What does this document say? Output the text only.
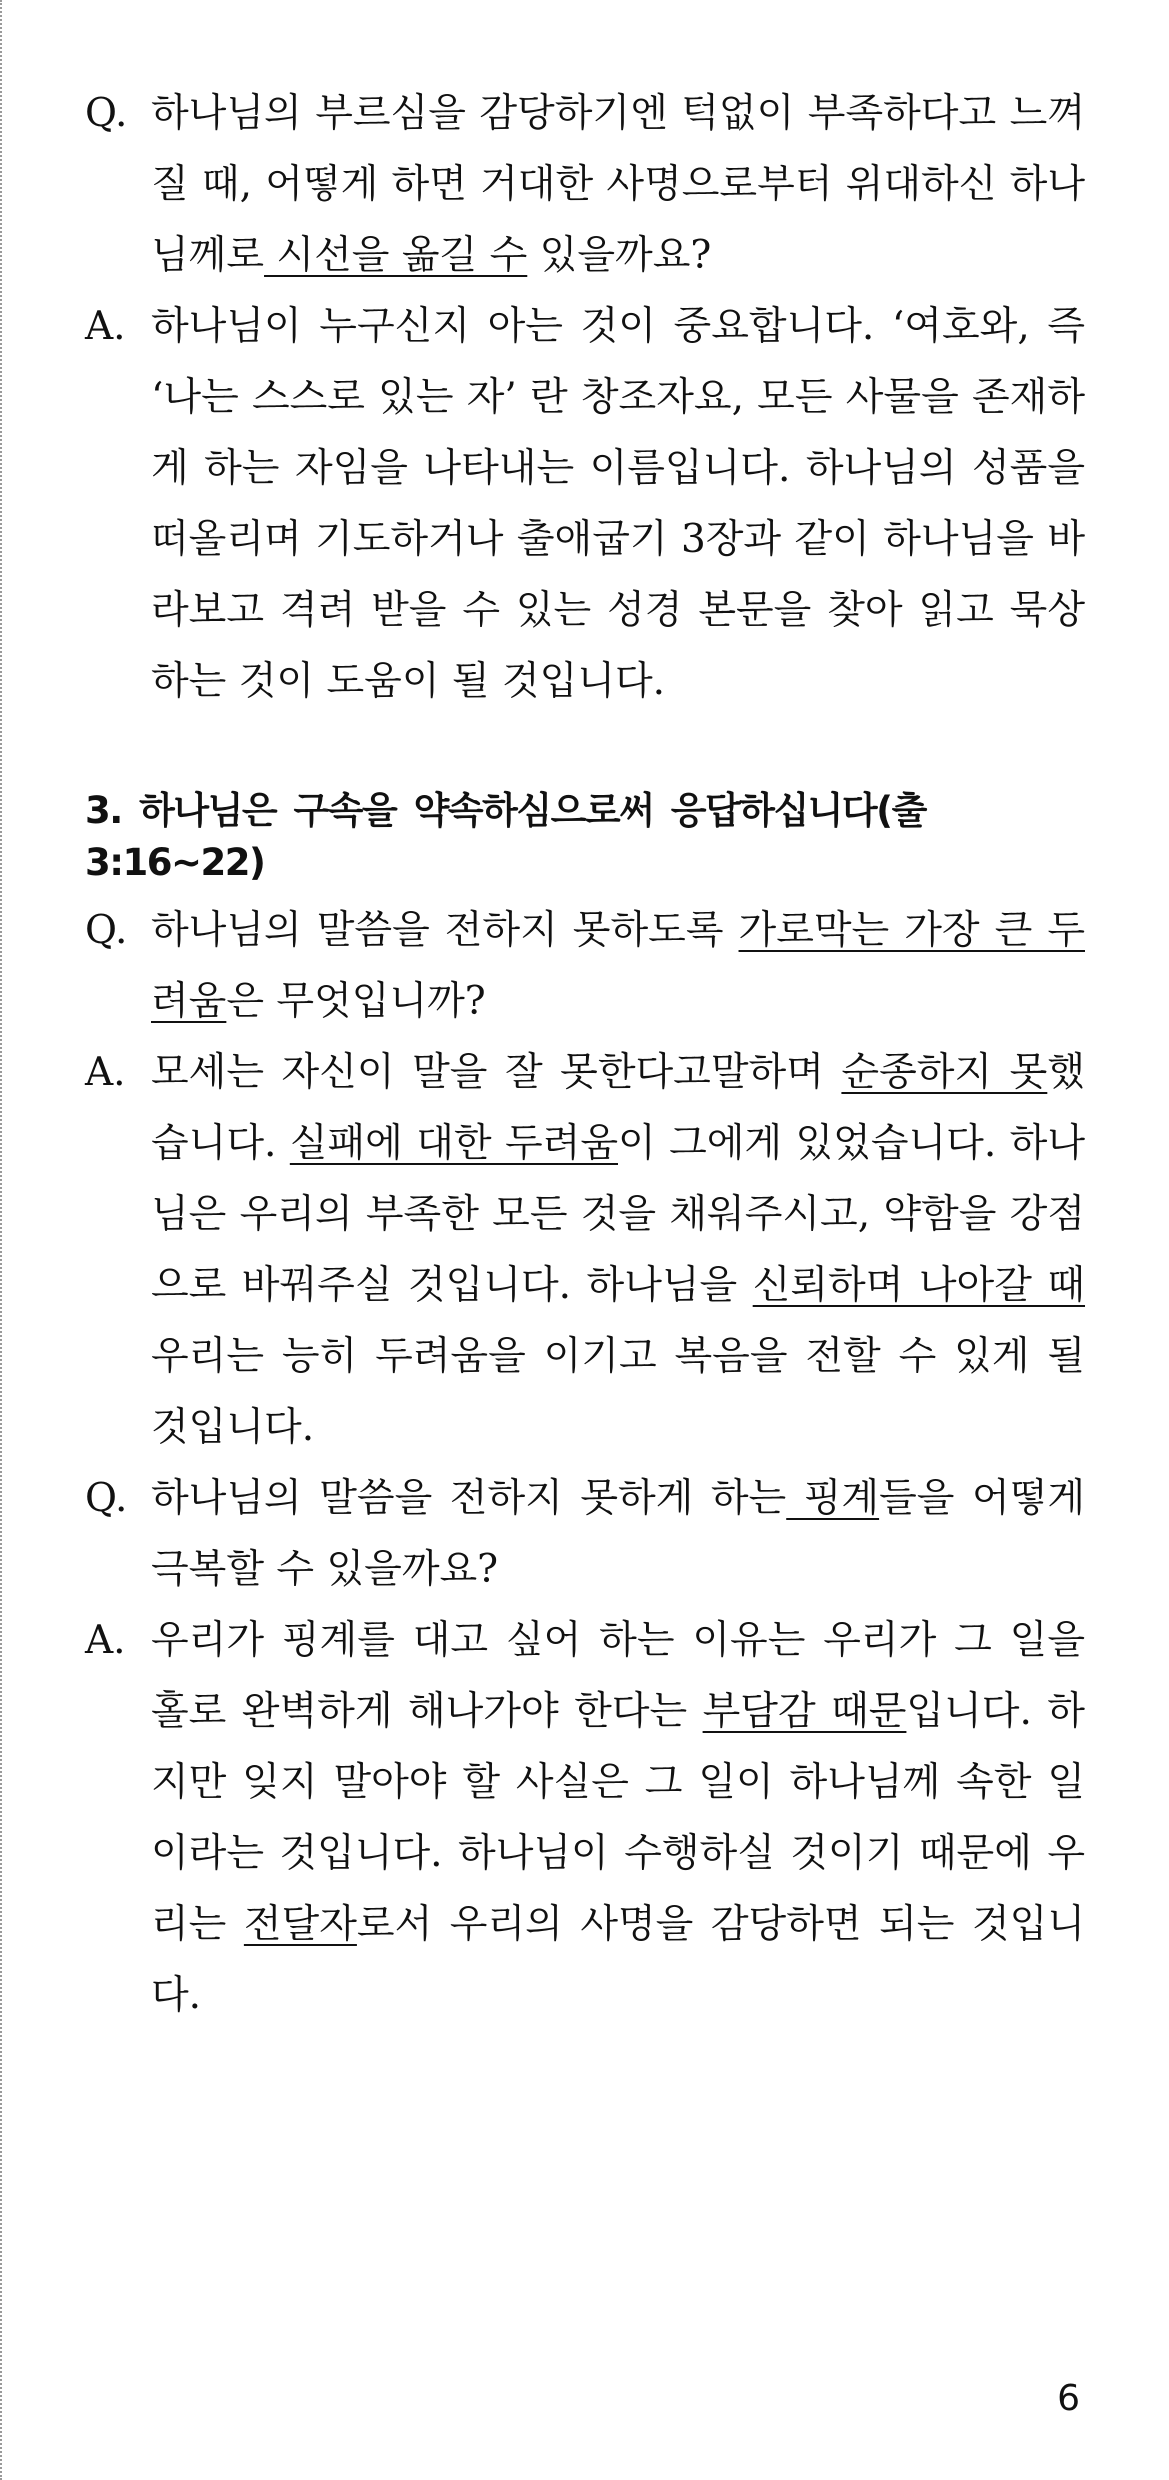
Q. 하나님의 부르심을 감당하기엔 턱없이 부족하다고 느껴질 때, 어떻게 하면 거대한 사명으로부터 위대하신 하나님께로 시선을 옮길 수 있을까요?
A. 하나님이 누구신지 아는 것이 중요합니다. ‘여호와, 즉 ‘나는 스스로 있는 자’ 란 창조자요, 모든 사물을 존재하게 하는 자임을 나타내는 이름입니다. 하나님의 성품을 떠올리며 기도하거나 출애굽기 3장과 같이 하나님을 바라보고 격려 받을 수 있는 성경 본문을 찾아 읽고 묵상하는 것이 도움이 될 것입니다.
3. 하나님은 구속을 약속하심으로써 응답하십니다(출 3:16~22)
Q. 하나님의 말씀을 전하지 못하도록 가로막는 가장 큰 두려움은 무엇입니까?
A. 모세는 자신이 말을 잘 못한다고말하며 순종하지 못했습니다. 실패에 대한 두려움이 그에게 있었습니다. 하나님은 우리의 부족한 모든 것을 채워주시고, 약함을 강점으로 바꿔주실 것입니다. 하나님을 신뢰하며 나아갈 때 우리는 능히 두려움을 이기고 복음을 전할 수 있게 될 것입니다.
Q. 하나님의 말씀을 전하지 못하게 하는 핑계들을 어떻게 극복할 수 있을까요?
A. 우리가 핑계를 대고 싶어 하는 이유는 우리가 그 일을 홀로 완벽하게 해나가야 한다는 부담감 때문입니다. 하지만 잊지 말아야 할 사실은 그 일이 하나님께 속한 일이라는 것입니다. 하나님이 수행하실 것이기 때문에 우리는 전달자로서 우리의 사명을 감당하면 되는 것입니다.
6
